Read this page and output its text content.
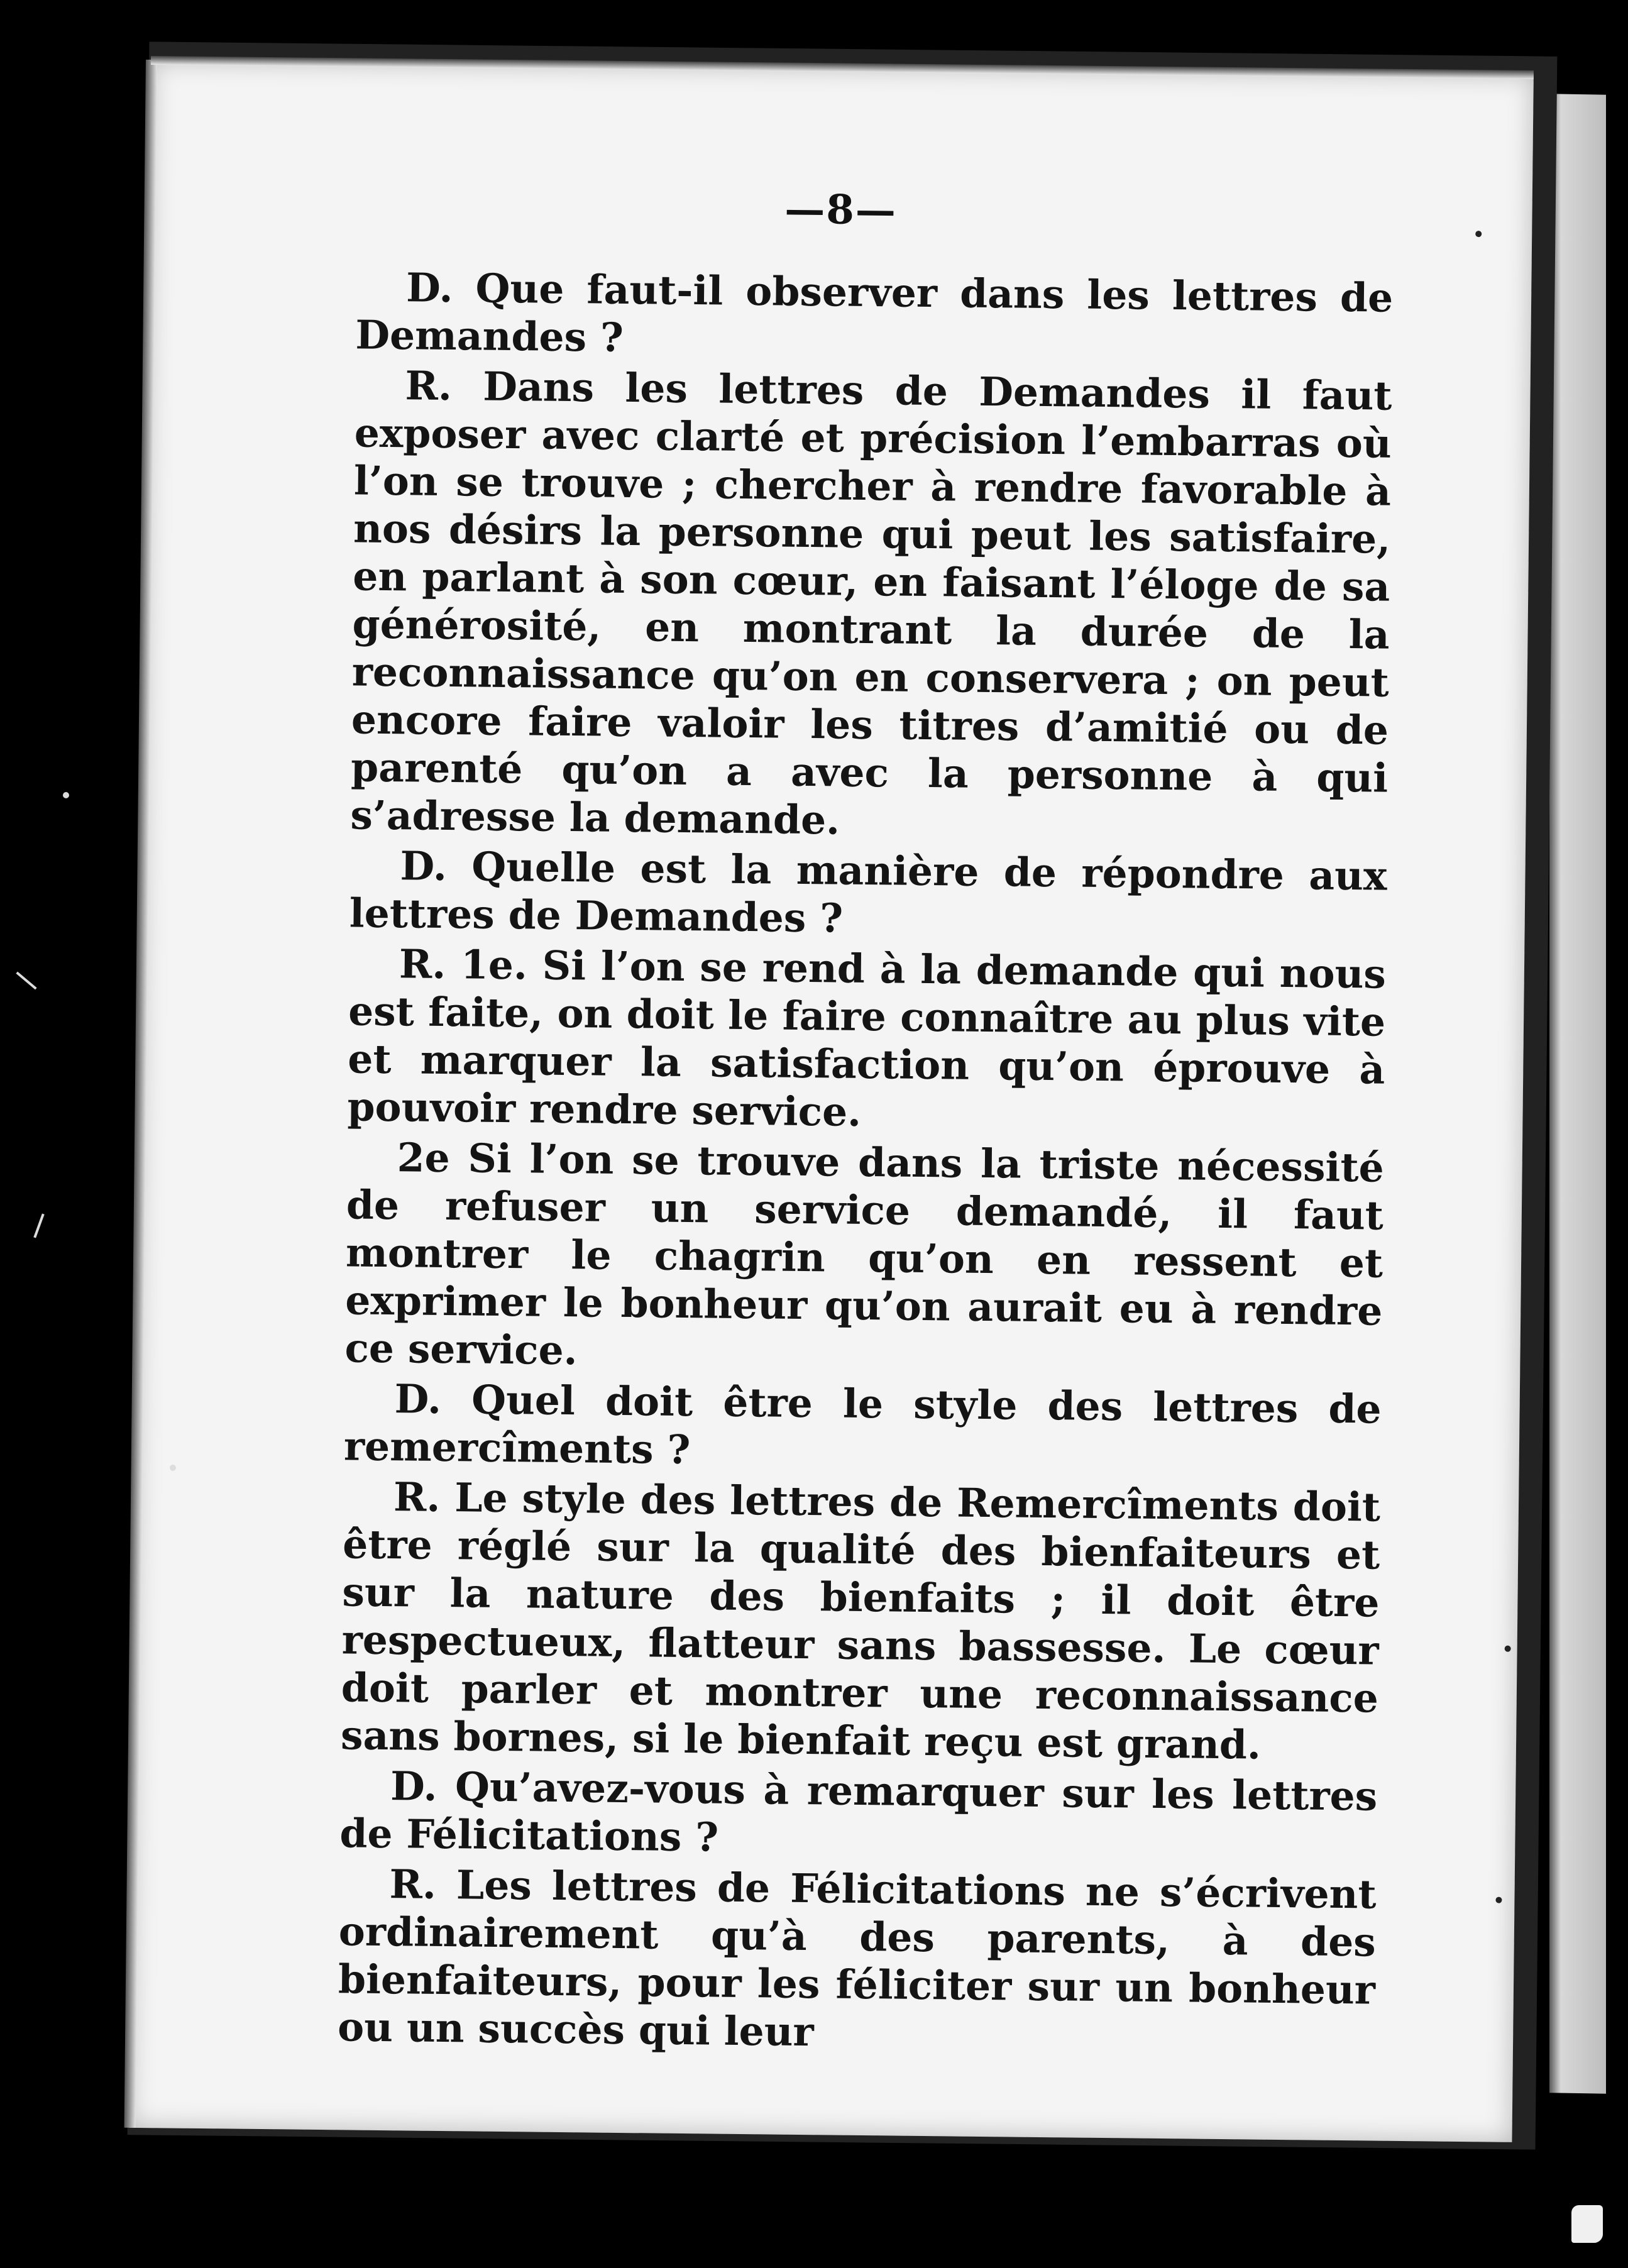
—8—

D. Que faut-il observer dans les lettres de Demandes ?

R. Dans les lettres de Demandes il faut exposer avec clarté et précision l’embarras où l’on se trouve ; chercher à rendre favorable à nos désirs la personne qui peut les satisfaire, en parlant à son cœur, en faisant l’éloge de sa générosité, en montrant la durée de la reconnaissance qu’on en conservera ; on peut encore faire valoir les titres d’amitié ou de parenté qu’on a avec la personne à qui s’adresse la demande.

D. Quelle est la manière de répondre aux lettres de Demandes ?

R. 1e. Si l’on se rend à la demande qui nous est faite, on doit le faire connaître au plus vite et marquer la satisfaction qu’on éprouve à pouvoir rendre service.

2e Si l’on se trouve dans la triste nécessité de refuser un service demandé, il faut montrer le chagrin qu’on en ressent et exprimer le bonheur qu’on aurait eu à rendre ce service.

D. Quel doit être le style des lettres de remercîments ?

R. Le style des lettres de Remercîments doit être réglé sur la qualité des bienfaiteurs et sur la nature des bienfaits ; il doit être respectueux, flatteur sans bassesse. Le cœur doit parler et montrer une reconnaissance sans bornes, si le bienfait reçu est grand.

D. Qu’avez-vous à remarquer sur les lettres de Félicitations ?

R. Les lettres de Félicitations ne s’écrivent ordinairement qu’à des parents, à des bienfaiteurs, pour les féliciter sur un bonheur ou un succès qui leur
